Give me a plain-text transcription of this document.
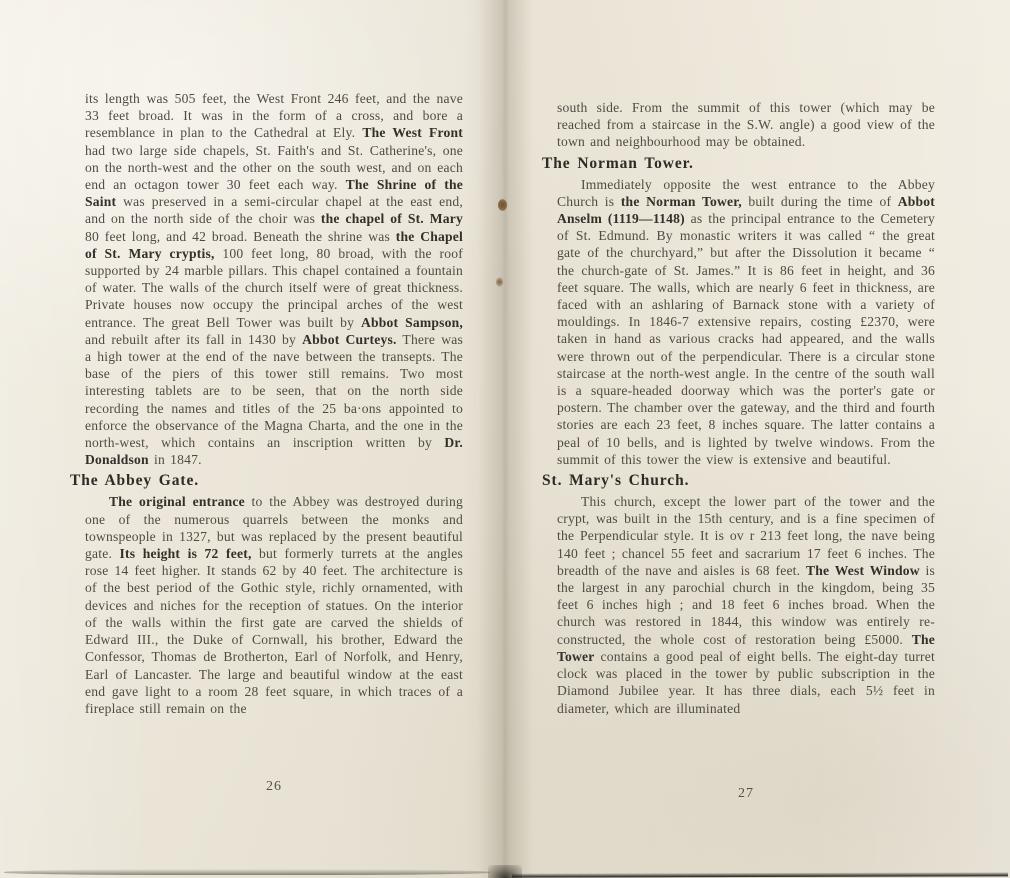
its length was 505 feet, the West Front 246 feet, and the nave 33 feet broad. It was in the form of a cross, and bore a resemblance in plan to the Cathedral at Ely. The West Front had two large side chapels, St. Faith's and St. Catherine's, one on the north-west and the other on the south west, and on each end an octagon tower 30 feet each way. The Shrine of the Saint was preserved in a semi-circular chapel at the east end, and on the north side of the choir was the chapel of St. Mary 80 feet long, and 42 broad. Beneath the shrine was the Chapel of St. Mary cryptis, 100 feet long, 80 broad, with the roof supported by 24 marble pillars. This chapel contained a fountain of water. The walls of the church itself were of great thickness. Private houses now occupy the principal arches of the west entrance. The great Bell Tower was built by Abbot Sampson, and rebuilt after its fall in 1430 by Abbot Curteys. There was a high tower at the end of the nave between the transepts. The base of the piers of this tower still remains. Two most interesting tablets are to be seen, that on the north side recording the names and titles of the 25 ba·ons appointed to enforce the observance of the Magna Charta, and the one in the north-west, which contains an inscription written by Dr. Donaldson in 1847.

The Abbey Gate.

The original entrance to the Abbey was destroyed during one of the numerous quarrels between the monks and townspeople in 1327, but was replaced by the present beautiful gate. Its height is 72 feet, but formerly turrets at the angles rose 14 feet higher. It stands 62 by 40 feet. The architecture is of the best period of the Gothic style, richly ornamented, with devices and niches for the reception of statues. On the interior of the walls within the first gate are carved the shields of Edward III., the Duke of Cornwall, his brother, Edward the Confessor, Thomas de Brotherton, Earl of Norfolk, and Henry, Earl of Lancaster. The large and beautiful window at the east end gave light to a room 28 feet square, in which traces of a fireplace still remain on the

26

south side. From the summit of this tower (which may be reached from a staircase in the S.W. angle) a good view of the town and neighbourhood may be obtained.

The Norman Tower.

Immediately opposite the west entrance to the Abbey Church is the Norman Tower, built during the time of Abbot Anselm (1119—1148) as the principal entrance to the Cemetery of St. Edmund. By monastic writers it was called “ the great gate of the churchyard,” but after the Dissolution it became “ the church-gate of St. James.” It is 86 feet in height, and 36 feet square. The walls, which are nearly 6 feet in thickness, are faced with an ashlaring of Barnack stone with a variety of mouldings. In 1846-7 extensive repairs, costing £2370, were taken in hand as various cracks had appeared, and the walls were thrown out of the perpendicular. There is a circular stone staircase at the north-west angle. In the centre of the south wall is a square-headed doorway which was the porter's gate or postern. The chamber over the gateway, and the third and fourth stories are each 23 feet, 8 inches square. The latter contains a peal of 10 bells, and is lighted by twelve windows. From the summit of this tower the view is extensive and beautiful.

St. Mary's Church.

This church, except the lower part of the tower and the crypt, was built in the 15th century, and is a fine specimen of the Perpendicular style. It is ov r 213 feet long, the nave being 140 feet ; chancel 55 feet and sacrarium 17 feet 6 inches. The breadth of the nave and aisles is 68 feet. The West Window is the largest in any parochial church in the kingdom, being 35 feet 6 inches high ; and 18 feet 6 inches broad. When the church was restored in 1844, this window was entirely re-constructed, the whole cost of restoration being £5000. The Tower contains a good peal of eight bells. The eight-day turret clock was placed in the tower by public subscription in the Diamond Jubilee year. It has three dials, each 5½ feet in diameter, which are illuminated

27
